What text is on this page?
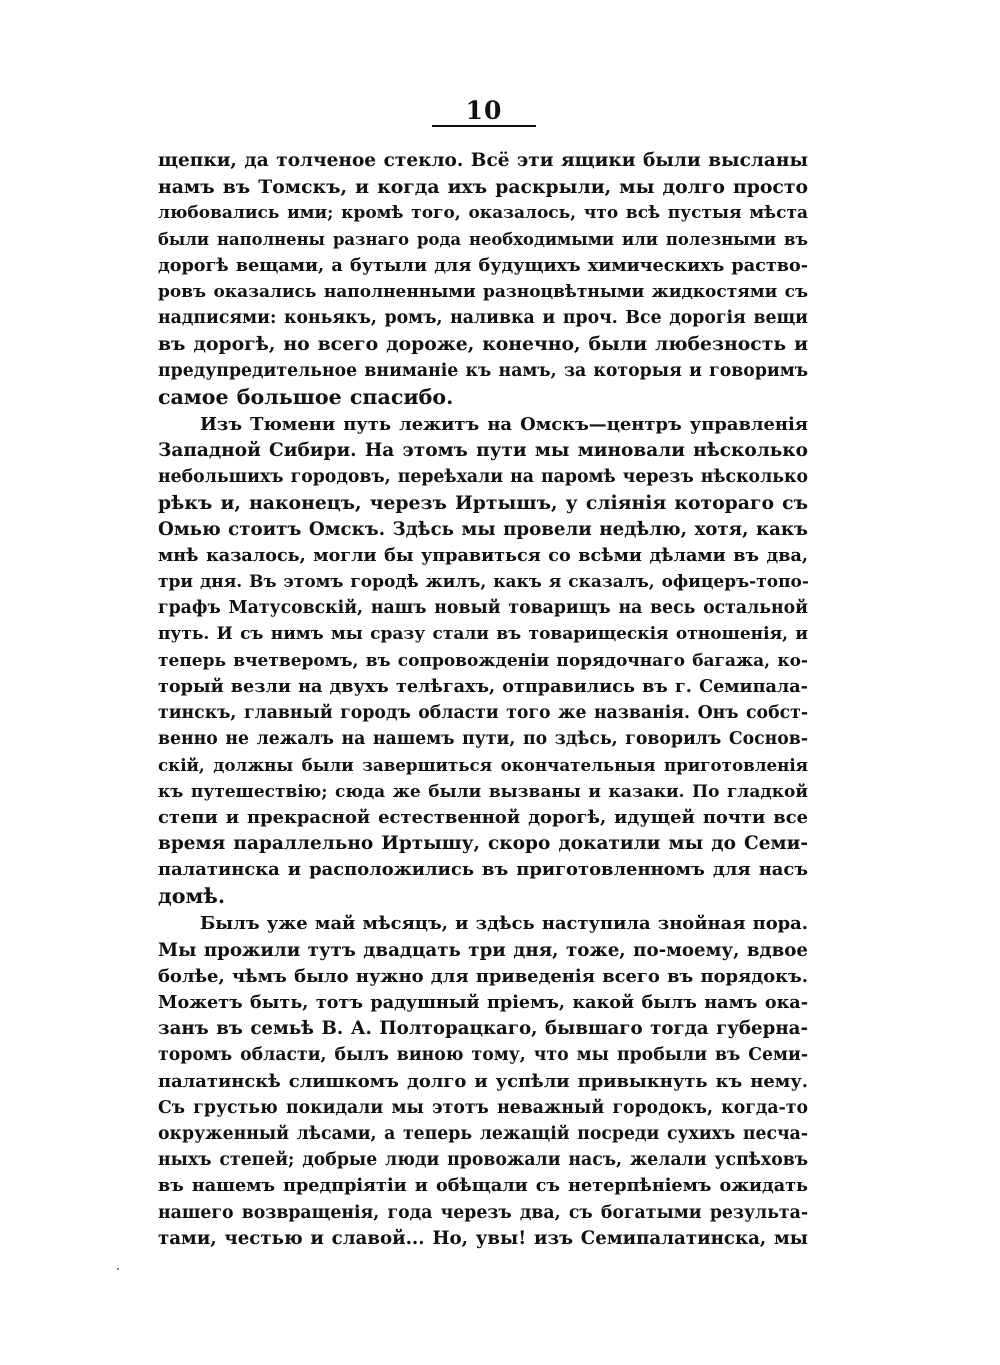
10
щепки, да толченое стекло. Всё эти ящики были высланы
намъ въ Томскъ, и когда ихъ раскрыли, мы долго просто
любовались ими; кромѣ того, оказалось, что всѣ пустыя мѣста
были наполнены разнаго рода необходимыми или полезными въ
дорогѣ вещами, а бутыли для будущихъ химическихъ раство-
ровъ оказались наполненными разноцвѣтными жидкостями съ
надписями: коньякъ, ромъ, наливка и проч. Все дорогія вещи
въ дорогѣ, но всего дороже, конечно, были любезность и
предупредительное вниманіе къ намъ, за которыя и говоримъ
самое большое спасибо.
Изъ Тюмени путь лежитъ на Омскъ—центръ управленія
Западной Сибири. На этомъ пути мы миновали нѣсколько
небольшихъ городовъ, переѣхали на паромѣ черезъ нѣсколько
рѣкъ и, наконецъ, черезъ Иртышъ, у сліянія котораго съ
Омью стоитъ Омскъ. Здѣсь мы провели недѣлю, хотя, какъ
мнѣ казалось, могли бы управиться со всѣми дѣлами въ два,
три дня. Въ этомъ городѣ жилъ, какъ я сказалъ, офицеръ-топо-
графъ Матусовскій, нашъ новый товарищъ на весь остальной
путь. И съ нимъ мы сразу стали въ товарищескія отношенія, и
теперь вчетверомъ, въ сопровожденіи порядочнаго багажа, ко-
торый везли на двухъ телѣгахъ, отправились въ г. Семипала-
тинскъ, главный городъ области того же названія. Онъ собст-
венно не лежалъ на нашемъ пути, по здѣсь, говорилъ Соснов-
скій, должны были завершиться окончательныя приготовленія
къ путешествію; сюда же были вызваны и казаки. По гладкой
степи и прекрасной естественной дорогѣ, идущей почти все
время параллельно Иртышу, скоро докатили мы до Семи-
палатинска и расположились въ приготовленномъ для насъ
домѣ.
Былъ уже май мѣсяцъ, и здѣсь наступила знойная пора.
Мы прожили тутъ двадцать три дня, тоже, по-моему, вдвое
болѣе, чѣмъ было нужно для приведенія всего въ порядокъ.
Можетъ быть, тотъ радушный пріемъ, какой былъ намъ ока-
занъ въ семьѣ В. А. Полторацкаго, бывшаго тогда губерна-
торомъ области, былъ виною тому, что мы пробыли въ Семи-
палатинскѣ слишкомъ долго и успѣли привыкнуть къ нему.
Съ грустью покидали мы этотъ неважный городокъ, когда-то
окруженный лѣсами, а теперь лежащій посреди сухихъ песча-
ныхъ степей; добрые люди провожали насъ, желали успѣховъ
въ нашемъ предпріятіи и обѣщали съ нетерпѣніемъ ожидать
нашего возвращенія, года черезъ два, съ богатыми результа-
тами, честью и славой... Но, увы! изъ Семипалатинска, мы
